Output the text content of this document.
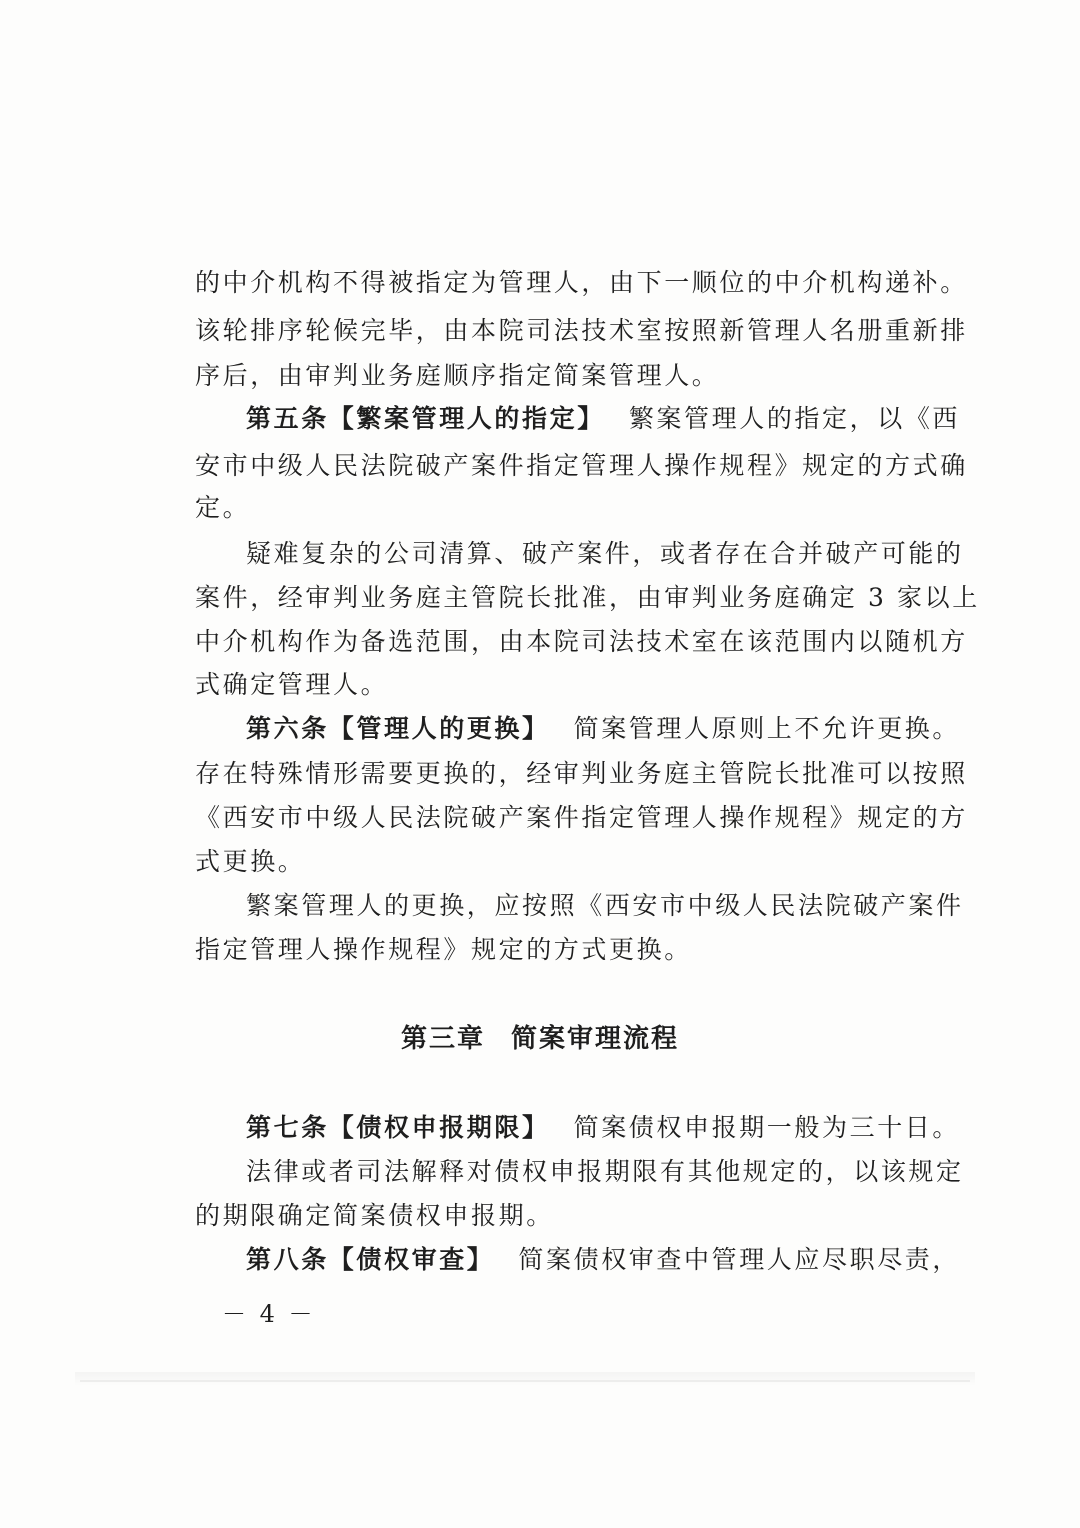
的中介机构不得被指定为管理人，由下一顺位的中介机构递补。
该轮排序轮候完毕，由本院司法技术室按照新管理人名册重新排
序后，由审判业务庭顺序指定简案管理人。
第五条【繁案管理人的指定】 繁案管理人的指定，以《西
安市中级人民法院破产案件指定管理人操作规程》规定的方式确
定。
疑难复杂的公司清算、破产案件，或者存在合并破产可能的
案件，经审判业务庭主管院长批准，由审判业务庭确定 3 家以上
中介机构作为备选范围，由本院司法技术室在该范围内以随机方
式确定管理人。
第六条【管理人的更换】 简案管理人原则上不允许更换。
存在特殊情形需要更换的，经审判业务庭主管院长批准可以按照
《西安市中级人民法院破产案件指定管理人操作规程》规定的方
式更换。
繁案管理人的更换，应按照《西安市中级人民法院破产案件
指定管理人操作规程》规定的方式更换。
第三章 简案审理流程
第七条【债权申报期限】 简案债权申报期一般为三十日。
法律或者司法解释对债权申报期限有其他规定的，以该规定
的期限确定简案债权申报期。
第八条【债权审查】 简案债权审查中管理人应尽职尽责，
－ 4 －
